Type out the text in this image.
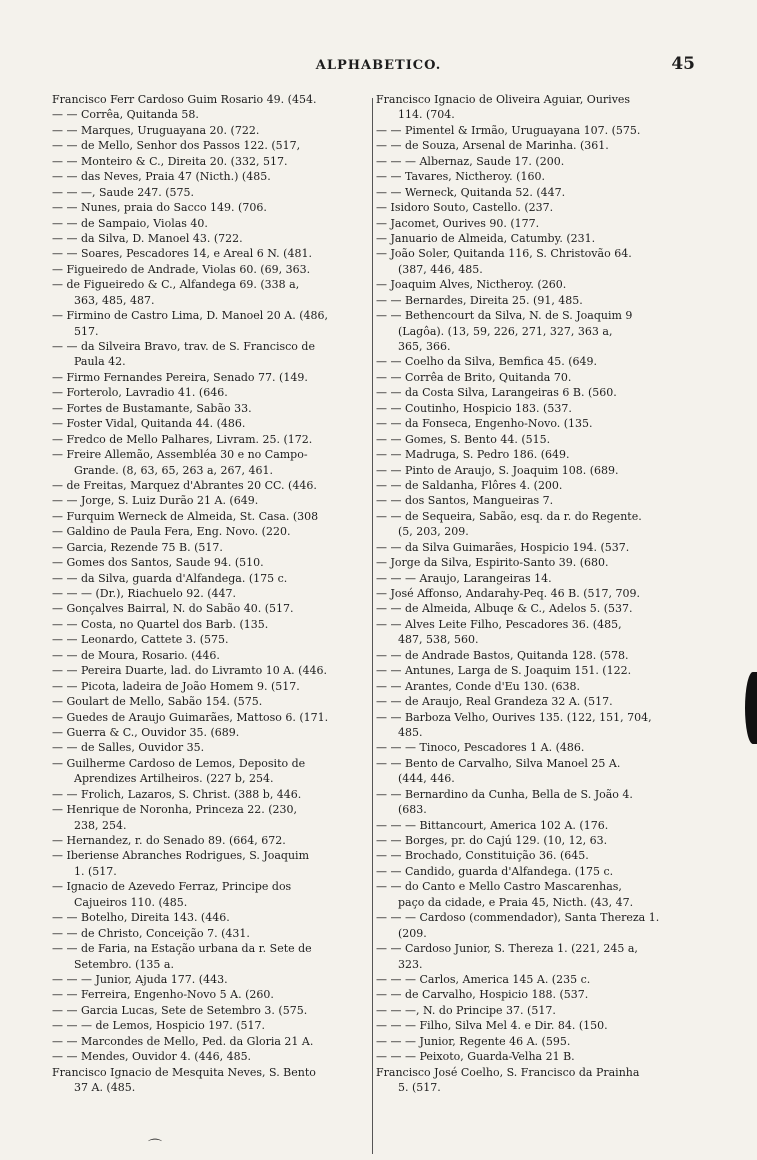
ALPHABETICO.	45
Francisco Ferr Cardoso Guim Rosario 49. (454.
— — Corrêa, Quitanda 58.
— — Marques, Uruguayana 20. (722.
— — de Mello, Senhor dos Passos 122. (517,
— — Monteiro & C., Direita 20. (332, 517.
— — das Neves, Praia 47 (Nicth.) (485.
— — —, Saude 247. (575.
— — Nunes, praia do Sacco 149. (706.
— — de Sampaio, Violas 40.
— — da Silva, D. Manoel 43. (722.
— — Soares, Pescadores 14, e Areal 6 N. (481.
— Figueiredo de Andrade, Violas 60. (69, 363.
— de Figueiredo & C., Alfandega 69. (338 a,
363, 485, 487.
— Firmino de Castro Lima, D. Manoel 20 A. (486,
517.
— — da Silveira Bravo, trav. de S. Francisco de
Paula 42.
— Firmo Fernandes Pereira, Senado 77. (149.
— Forterolo, Lavradio 41. (646.
— Fortes de Bustamante, Sabão 33.
— Foster Vidal, Quitanda 44. (486.
— Fredco de Mello Palhares, Livram. 25. (172.
— Freire Allemão, Assembléa 30 e no Campo-
Grande. (8, 63, 65, 263 a, 267, 461.
— de Freitas, Marquez d'Abrantes 20 CC. (446.
— — Jorge, S. Luiz Durão 21 A. (649.
— Furquim Werneck de Almeida, St. Casa. (308
— Galdino de Paula Fera, Eng. Novo. (220.
— Garcia, Rezende 75 B. (517.
— Gomes dos Santos, Saude 94. (510.
— — da Silva, guarda d'Alfandega. (175 c.
— — — (Dr.), Riachuelo 92. (447.
— Gonçalves Bairral, N. do Sabão 40. (517.
— — Costa, no Quartel dos Barb. (135.
— — Leonardo, Cattete 3. (575.
— — de Moura, Rosario. (446.
— — Pereira Duarte, lad. do Livramto 10 A. (446.
— — Picota, ladeira de João Homem 9. (517.
— Goulart de Mello, Sabão 154. (575.
— Guedes de Araujo Guimarães, Mattoso 6. (171.
— Guerra & C., Ouvidor 35. (689.
— — de Salles, Ouvidor 35.
— Guilherme Cardoso de Lemos, Deposito de
Aprendizes Artilheiros. (227 b, 254.
— — Frolich, Lazaros, S. Christ. (388 b, 446.
— Henrique de Noronha, Princeza 22. (230,
238, 254.
— Hernandez, r. do Senado 89. (664, 672.
— Iberiense Abranches Rodrigues, S. Joaquim
1. (517.
— Ignacio de Azevedo Ferraz, Principe dos
Cajueiros 110. (485.
— — Botelho, Direita 143. (446.
— — de Christo, Conceição 7. (431.
— — de Faria, na Estação urbana da r. Sete de
Setembro. (135 a.
— — — Junior, Ajuda 177. (443.
— — Ferreira, Engenho-Novo 5 A. (260.
— — Garcia Lucas, Sete de Setembro 3. (575.
— — — de Lemos, Hospicio 197. (517.
— — Marcondes de Mello, Ped. da Gloria 21 A.
— — Mendes, Ouvidor 4. (446, 485.
Francisco Ignacio de Mesquita Neves, S. Bento
37 A. (485.
Francisco Ignacio de Oliveira Aguiar, Ourives
114. (704.
— — Pimentel & Irmão, Uruguayana 107. (575.
— — de Souza, Arsenal de Marinha. (361.
— — — Albernaz, Saude 17. (200.
— — Tavares, Nictheroy. (160.
— — Werneck, Quitanda 52. (447.
— Isidoro Souto, Castello. (237.
— Jacomet, Ourives 90. (177.
— Januario de Almeida, Catumby. (231.
— João Soler, Quitanda 116, S. Christovão 64.
(387, 446, 485.
— Joaquim Alves, Nictheroy. (260.
— — Bernardes, Direita 25. (91, 485.
— — Bethencourt da Silva, N. de S. Joaquim 9
(Lagôa). (13, 59, 226, 271, 327, 363 a,
365, 366.
— — Coelho da Silva, Bemfica 45. (649.
— — Corrêa de Brito, Quitanda 70.
— — da Costa Silva, Larangeiras 6 B. (560.
— — Coutinho, Hospicio 183. (537.
— — da Fonseca, Engenho-Novo. (135.
— — Gomes, S. Bento 44. (515.
— — Madruga, S. Pedro 186. (649.
— — Pinto de Araujo, S. Joaquim 108. (689.
— — de Saldanha, Flôres 4. (200.
— — dos Santos, Mangueiras 7.
— — de Sequeira, Sabão, esq. da r. do Regente.
(5, 203, 209.
— — da Silva Guimarães, Hospicio 194. (537.
— Jorge da Silva, Espirito-Santo 39. (680.
— — — Araujo, Larangeiras 14.
— José Affonso, Andarahy-Peq. 46 B. (517, 709.
— — de Almeida, Albuqe & C., Adelos 5. (537.
— — Alves Leite Filho, Pescadores 36. (485,
487, 538, 560.
— — de Andrade Bastos, Quitanda 128. (578.
— — Antunes, Larga de S. Joaquim 151. (122.
— — Arantes, Conde d'Eu 130. (638.
— — de Araujo, Real Grandeza 32 A. (517.
— — Barboza Velho, Ourives 135. (122, 151, 704,
485.
— — — Tinoco, Pescadores 1 A. (486.
— — Bento de Carvalho, Silva Manoel 25 A.
(444, 446.
— — Bernardino da Cunha, Bella de S. João 4.
(683.
— — — Bittancourt, America 102 A. (176.
— — Borges, pr. do Cajú 129. (10, 12, 63.
— — Brochado, Constituição 36. (645.
— — Candido, guarda d'Alfandega. (175 c.
— — do Canto e Mello Castro Mascarenhas,
paço da cidade, e Praia 45, Nicth. (43, 47.
— — — Cardoso (commendador), Santa Thereza 1.
(209.
— — Cardoso Junior, S. Thereza 1. (221, 245 a,
323.
— — — Carlos, America 145 A. (235 c.
— — de Carvalho, Hospicio 188. (537.
— — —, N. do Principe 37. (517.
— — — Filho, Silva Mel 4. e Dir. 84. (150.
— — — Junior, Regente 46 A. (595.
— — — Peixoto, Guarda-Velha 21 B.
Francisco José Coelho, S. Francisco da Prainha
5. (517.
⌒
